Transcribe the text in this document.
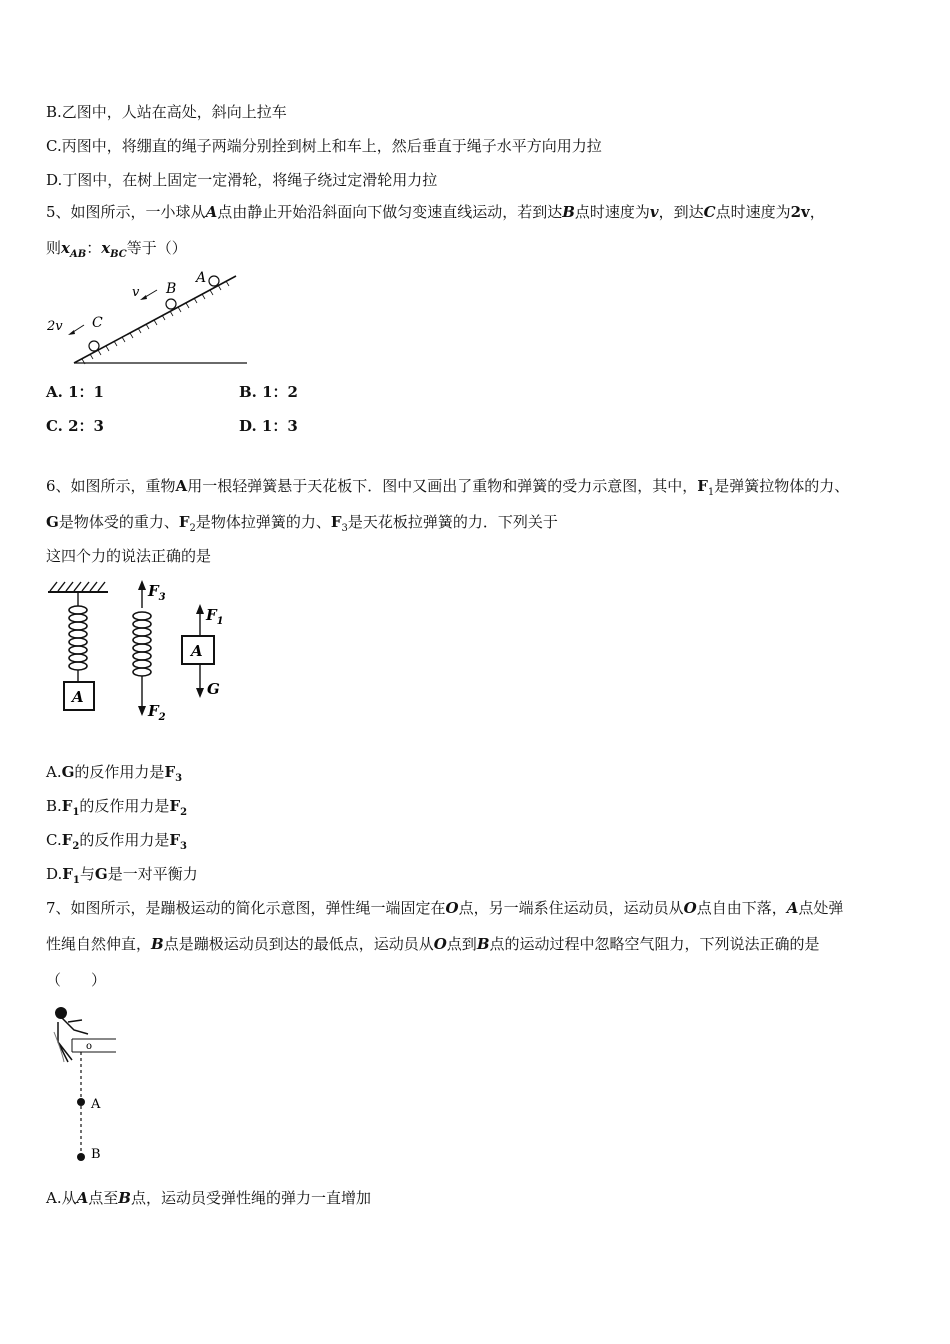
B.乙图中，人站在高处，斜向上拉车
C.丙图中，将绷直的绳子两端分别拴到树上和车上，然后垂直于绳子水平方向用力拉
D.丁图中，在树上固定一定滑轮，将绳子绕过定滑轮用力拉
5、如图所示，一小球从A点由静止开始沿斜面向下做匀变速直线运动，若到达B点时速度为v，到达C点时速度为2v，
则$x_{AB}$：$x_{BC}$等于（）
A
B
C
v
2v
A. 1：1	B. 1：2
C. 2：3	D. 1：3
6、如图所示，重物A用一根轻弹簧悬于天花板下．图中又画出了重物和弹簧的受力示意图，其中，$F_1$是弹簧拉物体的力、
G是物体受的重力、$F_2$是物体拉弹簧的力、$F_3$是天花板拉弹簧的力．下列关于
这四个力的说法正确的是
A
$F_3$
$F_2$
A
$F_1$
G
A.G的反作用力是$F_3$
$B.F_1$的反作用力是$F_2$
$C.F_2$的反作用力是$F_3$
$D.F_1$与G是一对平衡力
7、如图所示，是蹦极运动的简化示意图，弹性绳一端固定在O点，另一端系住运动员，运动员从O点自由下落，A点处弹
性绳自然伸直，B点是蹦极运动员到达的最低点，运动员从O点到B点的运动过程中忽略空气阻力，下列说法正确的是
（　　）
o
A
B
A.从A点至B点，运动员受弹性绳的弹力一直增加
